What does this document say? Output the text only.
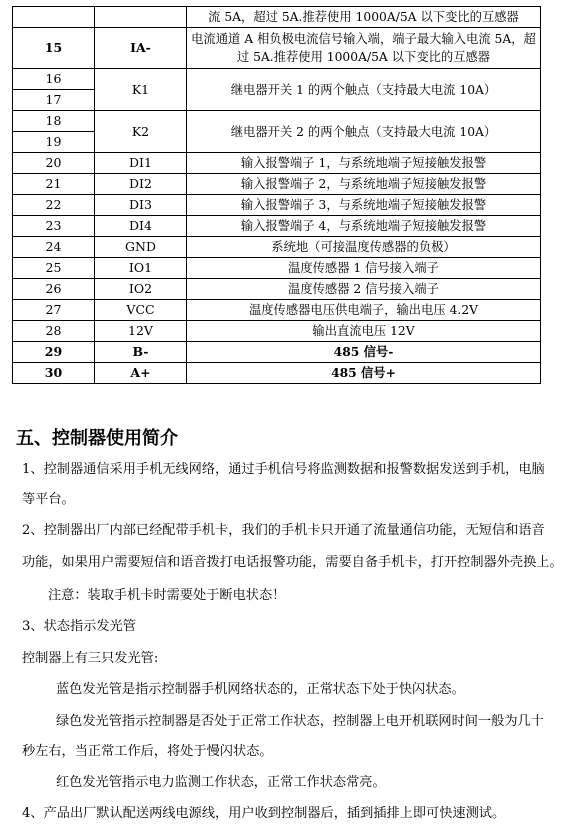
		流 5A，超过 5A.推荐使用 1000A/5A 以下变比的互感器
15	IA-	电流通道 A 相负极电流信号输入端，端子最大输入电流 5A，超过 5A.推荐使用 1000A/5A 以下变比的互感器
16	K1	继电器开关 1 的两个触点（支持最大电流 10A）
17		
18	K2	继电器开关 2 的两个触点（支持最大电流 10A）
19		
20	DI1	输入报警端子 1，与系统地端子短接触发报警
21	DI2	输入报警端子 2，与系统地端子短接触发报警
22	DI3	输入报警端子 3，与系统地端子短接触发报警
23	DI4	输入报警端子 4，与系统地端子短接触发报警
24	GND	系统地（可接温度传感器的负极）
25	IO1	温度传感器 1 信号接入端子
26	IO2	温度传感器 2 信号接入端子
27	VCC	温度传感器电压供电端子，输出电压 4.2V
28	12V	输出直流电压 12V
29	B-	485 信号-
30	A+	485 信号+
五、控制器使用简介

1、控制器通信采用手机无线网络，通过手机信号将监测数据和报警数据发送到手机，电脑

等平台。

2、控制器出厂内部已经配带手机卡，我们的手机卡只开通了流量通信功能，无短信和语音

功能，如果用户需要短信和语音拨打电话报警功能，需要自备手机卡，打开控制器外壳换上。

注意：装取手机卡时需要处于断电状态！

3、状态指示发光管

控制器上有三只发光管:

蓝色发光管是指示控制器手机网络状态的，正常状态下处于快闪状态。

绿色发光管指示控制器是否处于正常工作状态，控制器上电开机联网时间一般为几十

秒左右，当正常工作后，将处于慢闪状态。

红色发光管指示电力监测工作状态，正常工作状态常亮。

4、产品出厂默认配送两线电源线，用户收到控制器后，插到插排上即可快速测试。
